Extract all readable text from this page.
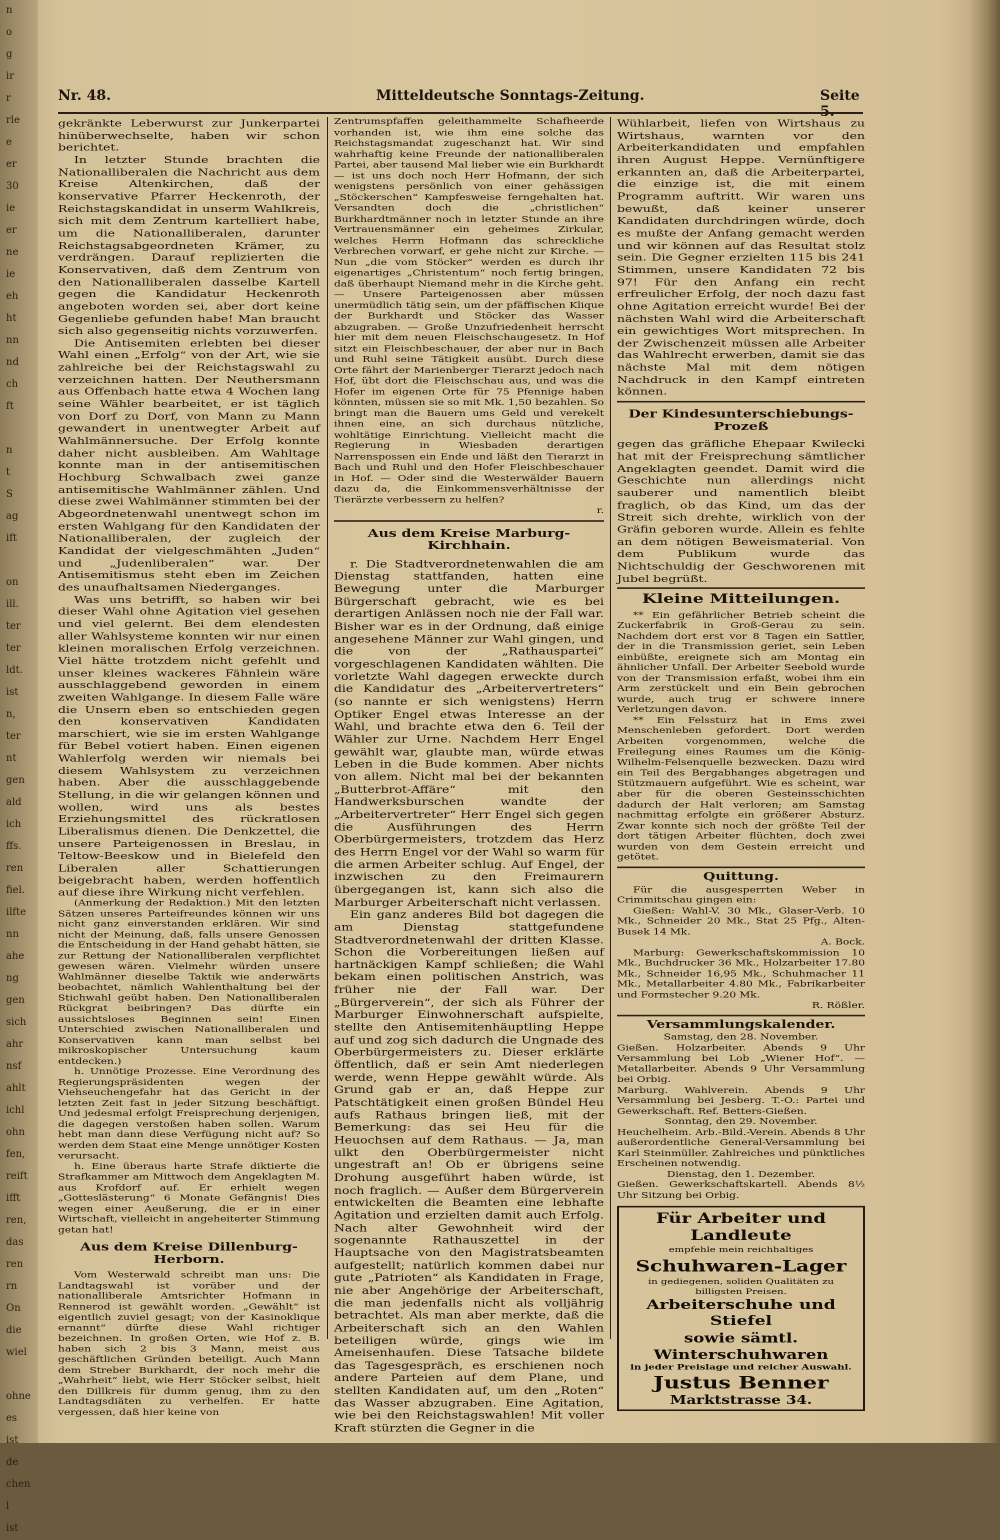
n
o
g
ir
r
rle
e
er
30
ie
er
ne
ie
eh
ht
nn
nd
ch
ft

n
t
S
ag
ift

on
ill.
ter
ter
ldt.
ist
n,
ter
nt
gen
ald
ich
ffs.
ren
fiel.
ilfte
nn
ahe
ng
gen
sich
ahr
nsf
ahlt
ichl
ohn
fen,
reift
ifft
ren,
das
ren
rn
On
die
wiel

ohne
es
ist
de
chen
l
ist
Nr. 48.	Mitteldeutsche Sonntags-Zeitung.	Seite

gekränkte Leberwurst zur Junkerpartei hinüberwechselte, haben wir schon berichtet.

In letzter Stunde brachten die Nationalliberalen die Nachricht aus dem Kreise Altenkirchen, daß der konservative Pfarrer Heckenroth, der Reichstagskandidat in unserm Wahlkreis, sich mit dem Zentrum kartelliert habe, um die Nationalliberalen, darunter Reichstagsabgeordneten Krämer, zu verdrängen. Darauf replizierten die Konservativen, daß dem Zentrum von den Nationalliberalen dasselbe Kartell gegen die Kandidatur Heckenroth angeboten worden sei, aber dort keine Gegenliebe gefunden habe! Man braucht sich also gegenseitig nichts vorzuwerfen.

Die Antisemiten erlebten bei dieser Wahl einen „Erfolg“ von der Art, wie sie zahlreiche bei der Reichstagswahl zu verzeichnen hatten. Der Neuthersmann aus Offenbach hatte etwa 4 Wochen lang seine Wähler bearbeitet, er ist täglich von Dorf zu Dorf, von Mann zu Mann gewandert in unentwegter Arbeit auf Wahlmännersuche. Der Erfolg konnte daher nicht ausbleiben. Am Wahltage konnte man in der antisemitischen Hochburg Schwalbach zwei ganze antisemitische Wahlmänner zählen. Und diese zwei Wahlmänner stimmten bei der Abgeordnetenwahl unentwegt schon im ersten Wahlgang für den Kandidaten der Nationalliberalen, der zugleich der Kandidat der vielgeschmähten „Juden“ und „Judenliberalen“ war. Der Antisemitismus steht eben im Zeichen des unaufhaltsamen Niederganges.

Was uns betrifft, so haben wir bei dieser Wahl ohne Agitation viel gesehen und viel gelernt. Bei dem elendesten aller Wahlsysteme konnten wir nur einen kleinen moralischen Erfolg verzeichnen. Viel hätte trotzdem nicht gefehlt und unser kleines wackeres Fähnlein wäre ausschlaggebend geworden in einem zweiten Wahlgange. In diesem Falle wäre die Unsern eben so entschieden gegen den konservativen Kandidaten marschiert, wie sie im ersten Wahlgange für Bebel votiert haben. Einen eigenen Wahlerfolg werden wir niemals bei diesem Wahlsystem zu verzeichnen haben. Aber die ausschlaggebende Stellung, in die wir gelangen können und wollen, wird uns als bestes Erziehungsmittel des rückratlosen Liberalismus dienen. Die Denkzettel, die unsere Parteigenossen in Breslau, in Teltow-Beeskow und in Bielefeld den Liberalen aller Schattierungen beigebracht haben, werden hoffentlich auf diese ihre Wirkung nicht verfehlen.

(Anmerkung der Redaktion.) Mit den letzten Sätzen unseres Parteifreundes können wir uns nicht ganz einverstanden erklären. Wir sind nicht der Meinung, daß, falls unsere Genossen die Entscheidung in der Hand gehabt hätten, sie zur Rettung der Nationalliberalen verpflichtet gewesen wären. Vielmehr würden unsere Wahlmänner dieselbe Taktik wie anderwärts beobachtet, nämlich Wahlenthaltung bei der Stichwahl geübt haben. Den Nationalliberalen Rückgrat beibringen? Das dürfte ein aussichtsloses Beginnen sein! Einen Unterschied zwischen Nationalliberalen und Konservativen kann man selbst bei mikroskopischer Untersuchung kaum entdecken.)

h. Unnötige Prozesse. Eine Verordnung des Regierungspräsidenten wegen der Viehseuchengefahr hat das Gericht in der letzten Zeit fast in jeder Sitzung beschäftigt. Und jedesmal erfolgt Freisprechung derjenigen, die dagegen verstoßen haben sollen. Warum hebt man dann diese Verfügung nicht auf? So werden dem Staat eine Menge unnötiger Kosten verursacht.

h. Eine überaus harte Strafe diktierte die Strafkammer am Mittwoch dem Angeklagten M. aus Krofdorf auf. Er erhielt wegen „Gotteslästerung“ 6 Monate Gefängnis! Dies wegen einer Aeußerung, die er in einer Wirtschaft, vielleicht in angeheiterter Stimmung getan hat!

Aus dem Kreise Dillenburg-Herborn.

Vom Westerwald schreibt man uns: Die Landtagswahl ist vorüber und der nationalliberale Amtsrichter Hofmann in Rennerod ist gewählt worden. „Gewählt“ ist eigentlich zuviel gesagt; von der Kasinoklique ernannt“ dürfte diese Wahl richtiger bezeichnen. In großen Orten, wie Hof z. B. haben sich 2 bis 3 Mann, meist aus geschäftlichen Gründen beteiligt. Auch Mann dem Streber Burkhardt, der noch mehr die „Wahrheit“ liebt, wie Herr Stöcker selbst, hielt den Dillkreis für dumm genug, ihm zu den Landtagsdiäten zu verhelfen. Er hatte vergessen, daß hier keine von

Zentrumspfaffen geleithammelte Schafheerde vorhanden ist, wie ihm eine solche das Reichstagsmandat zugeschanzt hat. Wir sind wahrhaftig keine Freunde der nationalliberalen Partei, aber tausend Mal lieber wie ein Burkhardt — ist uns doch noch Herr Hofmann, der sich wenigstens persönlich von einer gehässigen „Stöckerschen“ Kampfesweise ferngehalten hat. Versandten doch die „christlichen“ Burkhardtmänner noch in letzter Stunde an ihre Vertrauensmänner ein geheimes Zirkular, welches Herrn Hofmann das schreckliche Verbrechen vorwarf, er gehe nicht zur Kirche. — Nun „die vom Stöcker“ werden es durch ihr eigenartiges „Christentum“ noch fertig bringen, daß überhaupt Niemand mehr in die Kirche geht. — Unsere Parteigenossen aber müssen unermüdlich tätig sein, um der pfäffischen Klique der Burkhardt und Stöcker das Wasser abzugraben. — Große Unzufriedenheit herrscht hier mit dem neuen Fleischschaugesetz. In Hof sitzt ein Fleischbeschauer, der aber nur in Bach und Ruhl seine Tätigkeit ausübt. Durch diese Orte fährt der Marienberger Tierarzt jedoch nach Hof, übt dort die Fleischschau aus, und was die Hofer im eigenen Orte für 75 Pfennige haben könnten, müssen sie so mit Mk. 1,50 bezahlen. So bringt man die Bauern ums Geld und verekelt ihnen eine, an sich durchaus nützliche, wohltätige Einrichtung. Vielleicht macht die Regierung in Wiesbaden derartigen Narrenspossen ein Ende und läßt den Tierarzt in Bach und Ruhl und den Hofer Fleischbeschauer in Hof. — Oder sind die Westerwälder Bauern dazu da, die Einkommensverhältnisse der Tierärzte verbessern zu helfen?

r.

Aus dem Kreise Marburg-Kirchhain.

r. Die Stadtverordnetenwahlen die am Dienstag stattfanden, hatten eine Bewegung unter die Marburger Bürgerschaft gebracht, wie es bei derartigen Anlässen noch nie der Fall war. Bisher war es in der Ordnung, daß einige angesehene Männer zur Wahl gingen, und die von der „Rathauspartei“ vorgeschlagenen Kandidaten wählten. Die vorletzte Wahl dagegen erweckte durch die Kandidatur des „Arbeitervertreters“ (so nannte er sich wenigstens) Herrn Optiker Engel etwas Interesse an der Wahl, und brachte etwa den 6. Teil der Wähler zur Urne. Nachdem Herr Engel gewählt war, glaubte man, würde etwas Leben in die Bude kommen. Aber nichts von allem. Nicht mal bei der bekannten „Butterbrot-Affäre“ mit den Handwerksburschen wandte der „Arbeitervertreter“ Herr Engel sich gegen die Ausführungen des Herrn Oberbürgermeisters, trotzdem das Herz des Herrn Engel vor der Wahl so warm für die armen Arbeiter schlug. Auf Engel, der inzwischen zu den Freimaurern übergegangen ist, kann sich also die Marburger Arbeiterschaft nicht verlassen.

Ein ganz anderes Bild bot dagegen die am Dienstag stattgefundene Stadtverordnetenwahl der dritten Klasse. Schon die Vorbereitungen ließen auf hartnäckigen Kampf schließen; die Wahl bekam einen politischen Anstrich, was früher nie der Fall war. Der „Bürgerverein“, der sich als Führer der Marburger Einwohnerschaft aufspielte, stellte den Antisemitenhäuptling Heppe auf und zog sich dadurch die Ungnade des Oberbürgermeisters zu. Dieser erklärte öffentlich, daß er sein Amt niederlegen werde, wenn Heppe gewählt würde. Als Grund gab er an, daß Heppe zur Patschtätigkeit einen großen Bündel Heu aufs Rathaus bringen ließ, mit der Bemerkung: das sei Heu für die Heuochsen auf dem Rathaus. — Ja, man ulkt den Oberbürgermeister nicht ungestraft an! Ob er übrigens seine Drohung ausgeführt haben würde, ist noch fraglich. — Außer dem Bürgerverein entwickelten die Beamten eine lebhafte Agitation und erzielten damit auch Erfolg. Nach alter Gewohnheit wird der sogenannte Rathauszettel in der Hauptsache von den Magistratsbeamten aufgestellt; natürlich kommen dabei nur gute „Patrioten“ als Kandidaten in Frage, nie aber Angehörige der Arbeiterschaft, die man jedenfalls nicht als volljährig betrachtet. Als man aber merkte, daß die Arbeiterschaft sich an den Wahlen beteiligen würde, gings wie im Ameisenhaufen. Diese Tatsache bildete das Tagesgespräch, es erschienen noch andere Parteien auf dem Plane, und stellten Kandidaten auf, um den „Roten“ das Wasser abzugraben. Eine Agitation, wie bei den Reichstagswahlen! Mit voller Kraft stürzten die Gegner in die

Wühlarbeit, liefen von Wirtshaus zu Wirtshaus, warnten vor den Arbeiterkandidaten und empfahlen ihren August Heppe. Vernünftigere erkannten an, daß die Arbeiterpartei, die einzige ist, die mit einem Programm auftritt. Wir waren uns bewußt, daß keiner unserer Kandidaten durchdringen würde, doch es mußte der Anfang gemacht werden und wir können auf das Resultat stolz sein. Die Gegner erzielten 115 bis 241 Stimmen, unsere Kandidaten 72 bis 97! Für den Anfang ein recht erfreulicher Erfolg, der noch dazu fast ohne Agitation erreicht wurde! Bei der nächsten Wahl wird die Arbeiterschaft ein gewichtiges Wort mitsprechen. In der Zwischenzeit müssen alle Arbeiter das Wahlrecht erwerben, damit sie das nächste Mal mit dem nötigen Nachdruck in den Kampf eintreten können.

Der Kindesunterschiebungs-Prozeß

gegen das gräfliche Ehepaar Kwilecki hat mit der Freisprechung sämtlicher Angeklagten geendet. Damit wird die Geschichte nun allerdings nicht sauberer und namentlich bleibt fraglich, ob das Kind, um das der Streit sich drehte, wirklich von der Gräfin geboren wurde. Allein es fehlte an dem nötigen Beweismaterial. Von dem Publikum wurde das Nichtschuldig der Geschworenen mit Jubel begrüßt.

Kleine Mitteilungen.

** Ein gefährlicher Betrieb scheint die Zuckerfabrik in Groß-Gerau zu sein. Nachdem dort erst vor 8 Tagen ein Sattler, der in die Transmission geriet, sein Leben einbüßte, ereignete sich am Montag ein ähnlicher Unfall. Der Arbeiter Seebold wurde von der Transmission erfaßt, wobei ihm ein Arm zerstückelt und ein Bein gebrochen wurde, auch trug er schwere innere Verletzungen davon.

** Ein Felssturz hat in Ems zwei Menschenleben gefordert. Dort werden Arbeiten vorgenommen, welche die Freilegung eines Raumes um die König-Wilhelm-Felsenquelle bezwecken. Dazu wird ein Teil des Bergabhanges abgetragen und Stützmauern aufgeführt. Wie es scheint, war aber für die oberen Gesteinsschichten dadurch der Halt verloren; am Samstag nachmittag erfolgte ein größerer Absturz. Zwar konnte sich noch der größte Teil der dort tätigen Arbeiter flüchten, doch zwei wurden von dem Gestein erreicht und getötet.

Quittung.

Für die ausgesperrten Weber in Crimmitschau gingen ein:

Gießen: Wahl-V. 30 Mk., Glaser-Verb. 10 Mk., Schneider 20 Mk., Stat 25 Pfg., Alten-Busek 14 Mk.

A. Bock.

Marburg: Gewerkschaftskommission 10 Mk., Buchdrucker 36 Mk., Holzarbeiter 17.80 Mk., Schneider 16,95 Mk., Schuhmacher 11 Mk., Metallarbeiter 4.80 Mk., Fabrikarbeiter und Formstecher 9.20 Mk.

R. Rößler.

Versammlungskalender.

Samstag, den 28. November.

Gießen. Holzarbeiter. Abends 9 Uhr Versammlung bei Lob „Wiener Hof“. — Metallarbeiter. Abends 9 Uhr Versammlung bei Orbig.

Marburg. Wahlverein. Abends 9 Uhr Versammlung bei Jesberg. T.-O.: Partei und Gewerkschaft. Ref. Betters-Gießen.

Sonntag, den 29. November.

Heuchelheim. Arb.-Bild.-Verein. Abends 8 Uhr außerordentliche General-Versammlung bei Karl Steinmüller. Zahlreiches und pünktliches Erscheinen notwendig.

Dienstag, den 1. Dezember.

Gießen. Gewerkschaftskartell. Abends 8½ Uhr Sitzung bei Orbig.

Für Arbeiter und Landleute
empfehle mein reichhaltiges
Schuhwaren-Lager
in gediegenen, soliden Qualitäten zu billigsten Preisen.
Arbeiterschuhe und Stiefel
sowie sämtl. Winterschuhwaren
in jeder Preislage und reicher Auswahl.
Justus Benner
Marktstrasse 34.
